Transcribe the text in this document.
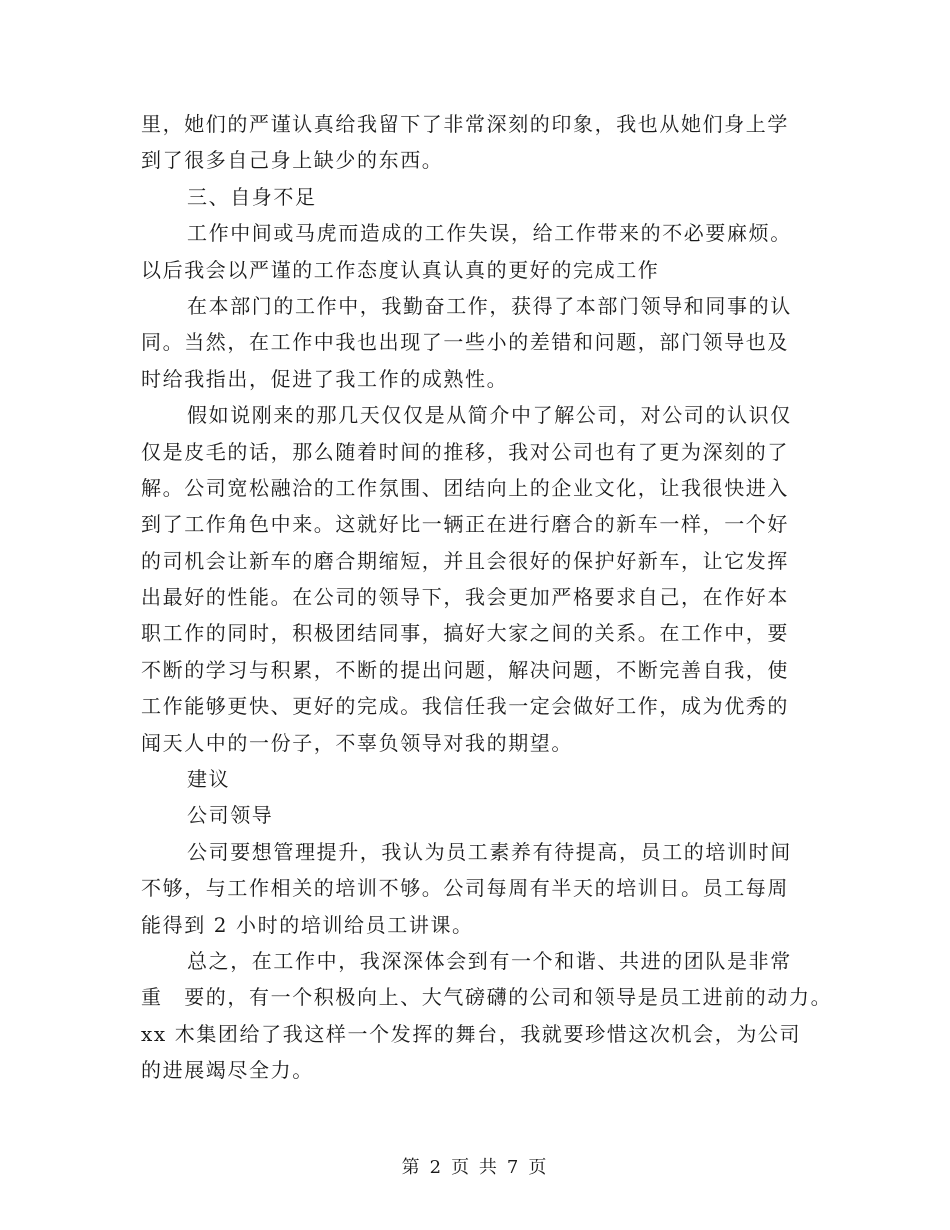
里，她们的严谨认真给我留下了非常深刻的印象，我也从她们身上学
到了很多自己身上缺少的东西。
三、自身不足
工作中间或马虎而造成的工作失误，给工作带来的不必要麻烦。
以后我会以严谨的工作态度认真认真的更好的完成工作
在本部门的工作中，我勤奋工作，获得了本部门领导和同事的认
同。当然，在工作中我也出现了一些小的差错和问题，部门领导也及
时给我指出，促进了我工作的成熟性。
假如说刚来的那几天仅仅是从简介中了解公司，对公司的认识仅
仅是皮毛的话，那么随着时间的推移，我对公司也有了更为深刻的了
解。公司宽松融洽的工作氛围、团结向上的企业文化，让我很快进入
到了工作角色中来。这就好比一辆正在进行磨合的新车一样，一个好
的司机会让新车的磨合期缩短，并且会很好的保护好新车，让它发挥
出最好的性能。在公司的领导下，我会更加严格要求自己，在作好本
职工作的同时，积极团结同事，搞好大家之间的关系。在工作中，要
不断的学习与积累，不断的提出问题，解决问题，不断完善自我，使
工作能够更快、更好的完成。我信任我一定会做好工作，成为优秀的
闻天人中的一份子，不辜负领导对我的期望。
建议
公司领导
公司要想管理提升，我认为员工素养有待提高，员工的培训时间
不够，与工作相关的培训不够。公司每周有半天的培训日。员工每周
能得到 2 小时的培训给员工讲课。
总之，在工作中，我深深体会到有一个和谐、共进的团队是非常
重　要的，有一个积极向上、大气磅礴的公司和领导是员工进前的动力。
xx 木集团给了我这样一个发挥的舞台，我就要珍惜这次机会，为公司
的进展竭尽全力。
第 2 页 共 7 页
